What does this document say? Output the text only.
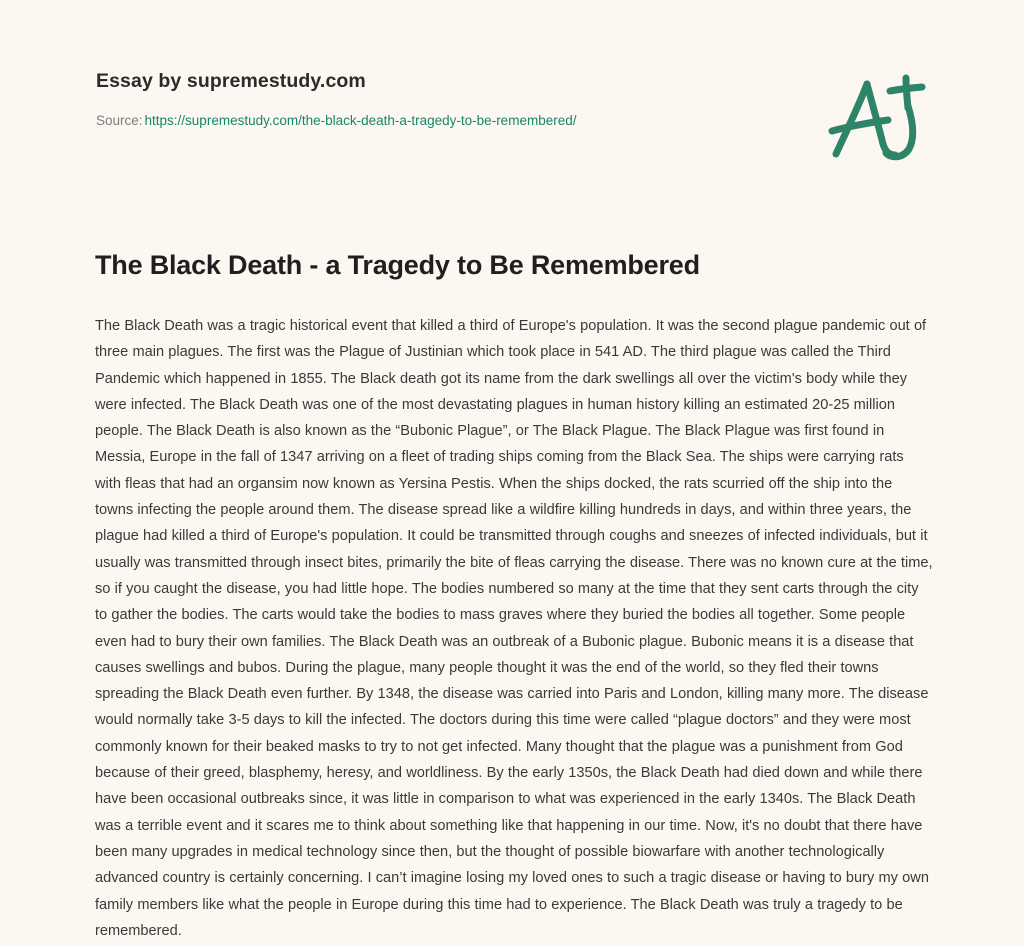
Essay by supremestudy.com
Source: https://supremestudy.com/the-black-death-a-tragedy-to-be-remembered/
The Black Death - a Tragedy to Be Remembered

The Black Death was a tragic historical event that killed a third of Europe's population. It was the second plague pandemic out of three main plagues. The first was the Plague of Justinian which took place in 541 AD. The third plague was called the Third Pandemic which happened in 1855. The Black death got its name from the dark swellings all over the victim's body while they were infected. The Black Death was one of the most devastating plagues in human history killing an estimated 20-25 million people. The Black Death is also known as the “Bubonic Plague”, or The Black Plague. The Black Plague was first found in Messia, Europe in the fall of 1347 arriving on a fleet of trading ships coming from the Black Sea. The ships were carrying rats with fleas that had an organsim now known as Yersina Pestis. When the ships docked, the rats scurried off the ship into the towns infecting the people around them. The disease spread like a wildfire killing hundreds in days, and within three years, the plague had killed a third of Europe's population. It could be transmitted through coughs and sneezes of infected individuals, but it usually was transmitted through insect bites, primarily the bite of fleas carrying the disease. There was no known cure at the time, so if you caught the disease, you had little hope. The bodies numbered so many at the time that they sent carts through the city to gather the bodies. The carts would take the bodies to mass graves where they buried the bodies all together. Some people even had to bury their own families. The Black Death was an outbreak of a Bubonic plague. Bubonic means it is a disease that causes swellings and bubos. During the plague, many people thought it was the end of the world, so they fled their towns spreading the Black Death even further. By 1348, the disease was carried into Paris and London, killing many more. The disease would normally take 3-5 days to kill the infected. The doctors during this time were called “plague doctors” and they were most commonly known for their beaked masks to try to not get infected. Many thought that the plague was a punishment from God because of their greed, blasphemy, heresy, and worldliness. By the early 1350s, the Black Death had died down and while there have been occasional outbreaks since, it was little in comparison to what was experienced in the early 1340s. The Black Death was a terrible event and it scares me to think about something like that happening in our time. Now, it's no doubt that there have been many upgrades in medical technology since then, but the thought of possible biowarfare with another technologically advanced country is certainly concerning. I can’t imagine losing my loved ones to such a tragic disease or having to bury my own family members like what the people in Europe during this time had to experience. The Black Death was truly a tragedy to be remembered.
